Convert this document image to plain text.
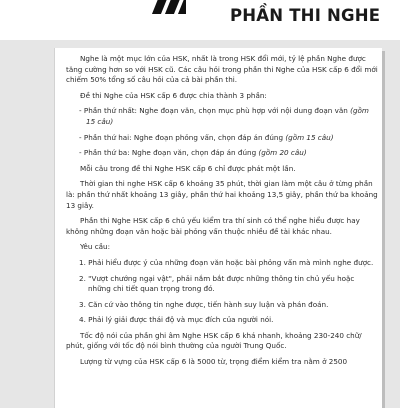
PHẦN THI NGHE

Nghe là một mục lớn của HSK, nhất là trong HSK đổi mới, tỷ lệ phần Nghe được tăng cường hơn so với HSK cũ. Các câu hỏi trong phần thi Nghe của HSK cấp 6 đổi mới chiếm 50% tổng số câu hỏi của cả bài phần thi.

Đề thi Nghe của HSK cấp 6 được chia thành 3 phần:

- Phần thứ nhất: Nghe đoạn văn, chọn mục phù hợp với nội dung đoạn văn (gồm 15 câu)

- Phần thứ hai: Nghe đoạn phỏng vấn, chọn đáp án đúng (gồm 15 câu)

- Phần thứ ba: Nghe đoạn văn, chọn đáp án đúng (gồm 20 câu)

Mỗi câu trong đề thi Nghe HSK cấp 6 chỉ được phát một lần.

Thời gian thi nghe HSK cấp 6 khoảng 35 phút, thời gian làm một câu ở từng phần là: phần thứ nhất khoảng 13 giây, phần thứ hai khoảng 13,5 giây, phần thứ ba khoảng 13 giây.

Phần thi Nghe HSK cấp 6 chủ yếu kiểm tra thí sinh có thể nghe hiểu được hay không những đoạn văn hoặc bài phỏng vấn thuộc nhiều đề tài khác nhau.

Yêu cầu:

1. Phải hiểu được ý của những đoạn văn hoặc bài phỏng vấn mà mình nghe được.

2. "Vượt chướng ngại vật", phải nắm bắt được những thông tin chủ yếu hoặc những chi tiết quan trọng trong đó.

3. Căn cứ vào thông tin nghe được, tiến hành suy luận và phán đoán.

4. Phải lý giải được thái độ và mục đích của người nói.

Tốc độ nói của phần ghi âm Nghe HSK cấp 6 khá nhanh, khoảng 230-240 chữ/ phút, giống với tốc độ nói bình thường của người Trung Quốc.

Lượng từ vựng của HSK cấp 6 là 5000 từ, trọng điểm kiểm tra nằm ở 2500
